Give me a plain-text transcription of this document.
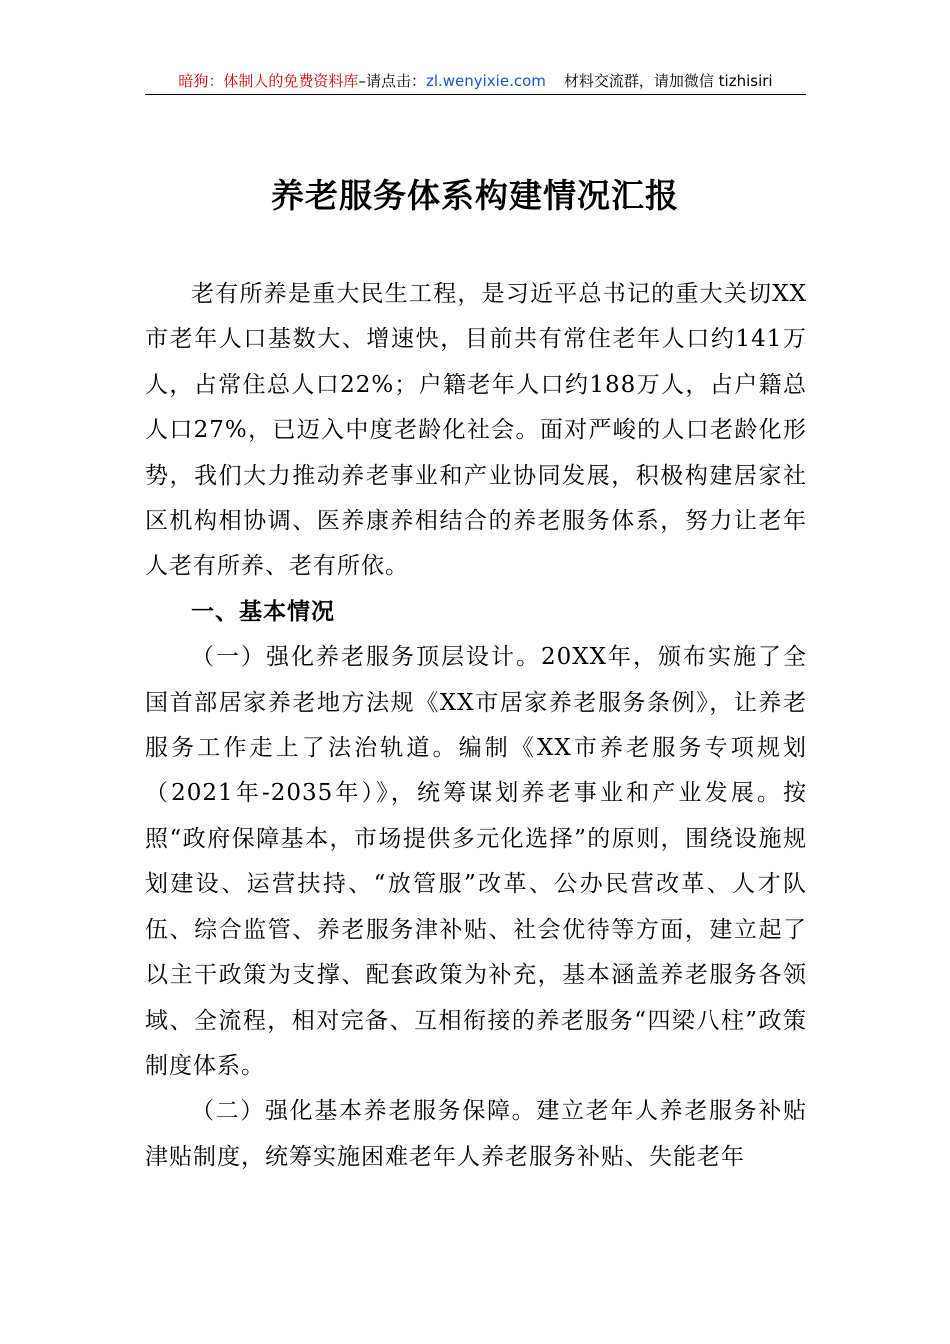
暗狗：体制人的免费资料库–请点击：zl.wenyixie.com 材料交流群，请加微信 tizhisiri
养老服务体系构建情况汇报

老有所养是重大民生工程，是习近平总书记的重大关切XX市老年人口基数大、增速快，目前共有常住老年人口约141万人，占常住总人口22%；户籍老年人口约188万人，占户籍总人口27%，已迈入中度老龄化社会。面对严峻的人口老龄化形势，我们大力推动养老事业和产业协同发展，积极构建居家社区机构相协调、医养康养相结合的养老服务体系，努力让老年人老有所养、老有所依。

一、基本情况

（一）强化养老服务顶层设计。20XX年，颁布实施了全国首部居家养老地方法规《XX市居家养老服务条例》，让养老服务工作走上了法治轨道。编制《XX市养老服务专项规划（2021年-2035年）》，统筹谋划养老事业和产业发展。按照“政府保障基本，市场提供多元化选择”的原则，围绕设施规划建设、运营扶持、“放管服”改革、公办民营改革、人才队伍、综合监管、养老服务津补贴、社会优待等方面，建立起了以主干政策为支撑、配套政策为补充，基本涵盖养老服务各领域、全流程，相对完备、互相衔接的养老服务“四梁八柱”政策制度体系。

（二）强化基本养老服务保障。建立老年人养老服务补贴津贴制度，统筹实施困难老年人养老服务补贴、失能老年
